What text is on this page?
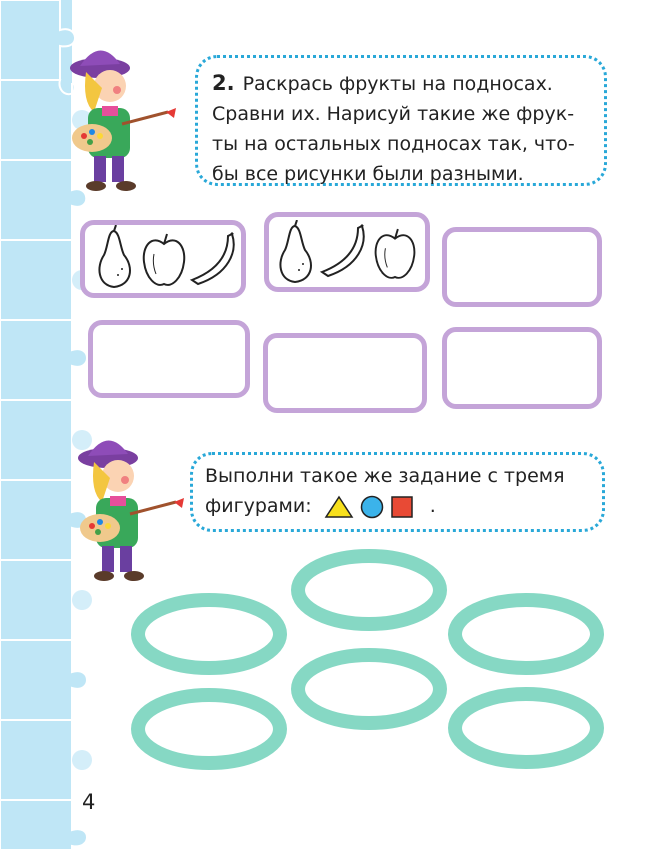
2. Раскрась фрукты на подносах.

Сравни их. Нарисуй такие же фрук-

ты на остальных подносах так, что-

бы все рисунки были разными.

Выполни такое же задание с тремя

фигурами:	.

4
